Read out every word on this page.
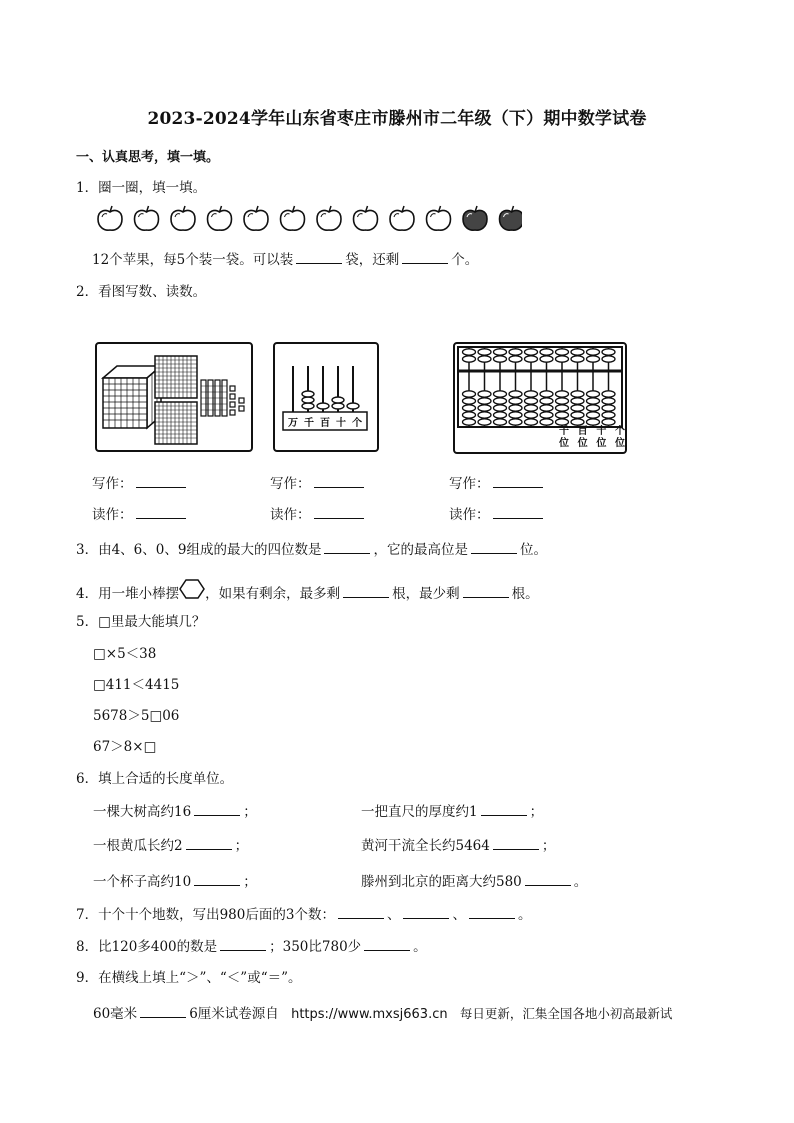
2023-2024学年山东省枣庄市滕州市二年级（下）期中数学试卷
一、认真思考，填一填。
1．圈一圈，填一填。
12个苹果，每5个装一袋。可以装	袋，还剩	个。
2．看图写数、读数。
万 千 百 十 个
千 百 十 个
位 位 位 位
写作：	写作：	写作：
读作：	读作：	读作：
3．由4、6、0、9组成的最大的四位数是	，它的最高位是	位。
4．用一堆小棒摆 ，如果有剩余，最多剩	根，最少剩	根。
5．□里最大能填几？
□×5＜38
□411＜4415
5678＞5□06
67＞8×□
6．填上合适的长度单位。
一棵大树高约16	；
一根黄瓜长约2	；
一个杯子高约10	；
一把直尺的厚度约1	；
黄河干流全长约5464	；
滕州到北京的距离大约580	。
7．十个十个地数，写出980后面的3个数：	、	、	。
8．比120多400的数是	；350比780少	。
9．在横线上填上“＞”、“＜”或“＝”。
60毫米	6厘米试卷源自 https://www.mxsj663.cn 每日更新，汇集全国各地小初高最新试
